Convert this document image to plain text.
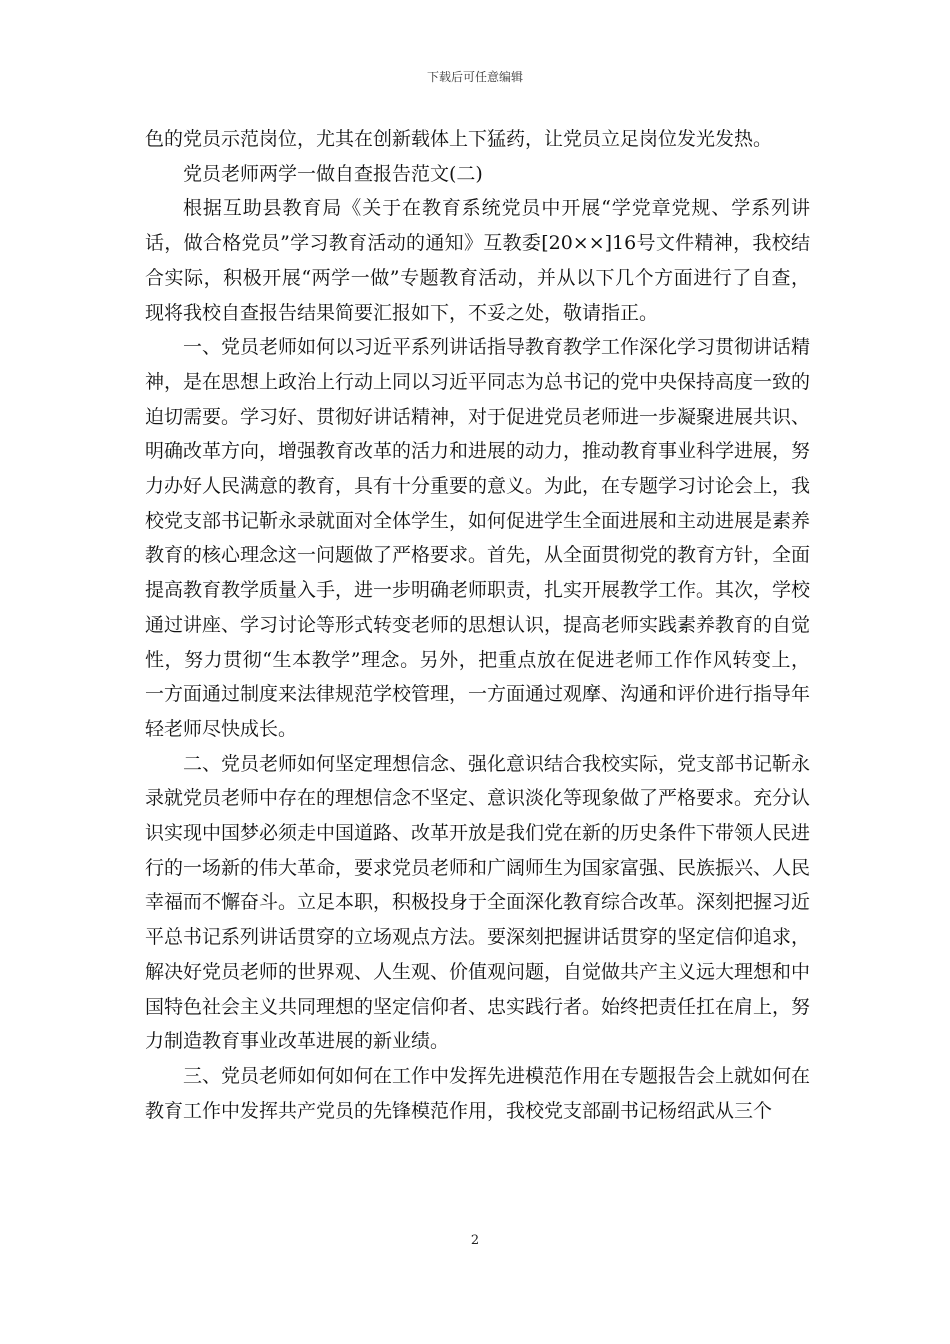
下载后可任意编辑

色的党员示范岗位，尤其在创新载体上下猛药，让党员立足岗位发光发热。

党员老师两学一做自查报告范文(二)

根据互助县教育局《关于在教育系统党员中开展“学党章党规、学系列讲话，做合格党员”学习教育活动的通知》互教委[20××]16号文件精神，我校结合实际，积极开展“两学一做”专题教育活动，并从以下几个方面进行了自查，现将我校自查报告结果简要汇报如下，不妥之处，敬请指正。

一、党员老师如何以习近平系列讲话指导教育教学工作深化学习贯彻讲话精神，是在思想上政治上行动上同以习近平同志为总书记的党中央保持高度一致的迫切需要。学习好、贯彻好讲话精神，对于促进党员老师进一步凝聚进展共识、明确改革方向，增强教育改革的活力和进展的动力，推动教育事业科学进展，努力办好人民满意的教育，具有十分重要的意义。为此，在专题学习讨论会上，我校党支部书记靳永录就面对全体学生，如何促进学生全面进展和主动进展是素养教育的核心理念这一问题做了严格要求。首先，从全面贯彻党的教育方针，全面提高教育教学质量入手，进一步明确老师职责，扎实开展教学工作。其次，学校通过讲座、学习讨论等形式转变老师的思想认识，提高老师实践素养教育的自觉性，努力贯彻“生本教学”理念。另外，把重点放在促进老师工作作风转变上，一方面通过制度来法律规范学校管理，一方面通过观摩、沟通和评价进行指导年轻老师尽快成长。

二、党员老师如何坚定理想信念、强化意识结合我校实际，党支部书记靳永录就党员老师中存在的理想信念不坚定、意识淡化等现象做了严格要求。充分认识实现中国梦必须走中国道路、改革开放是我们党在新的历史条件下带领人民进行的一场新的伟大革命，要求党员老师和广阔师生为国家富强、民族振兴、人民幸福而不懈奋斗。立足本职，积极投身于全面深化教育综合改革。深刻把握习近平总书记系列讲话贯穿的立场观点方法。要深刻把握讲话贯穿的坚定信仰追求，解决好党员老师的世界观、人生观、价值观问题，自觉做共产主义远大理想和中国特色社会主义共同理想的坚定信仰者、忠实践行者。始终把责任扛在肩上，努力制造教育事业改革进展的新业绩。

三、党员老师如何如何在工作中发挥先进模范作用在专题报告会上就如何在教育工作中发挥共产党员的先锋模范作用，我校党支部副书记杨绍武从三个

2
